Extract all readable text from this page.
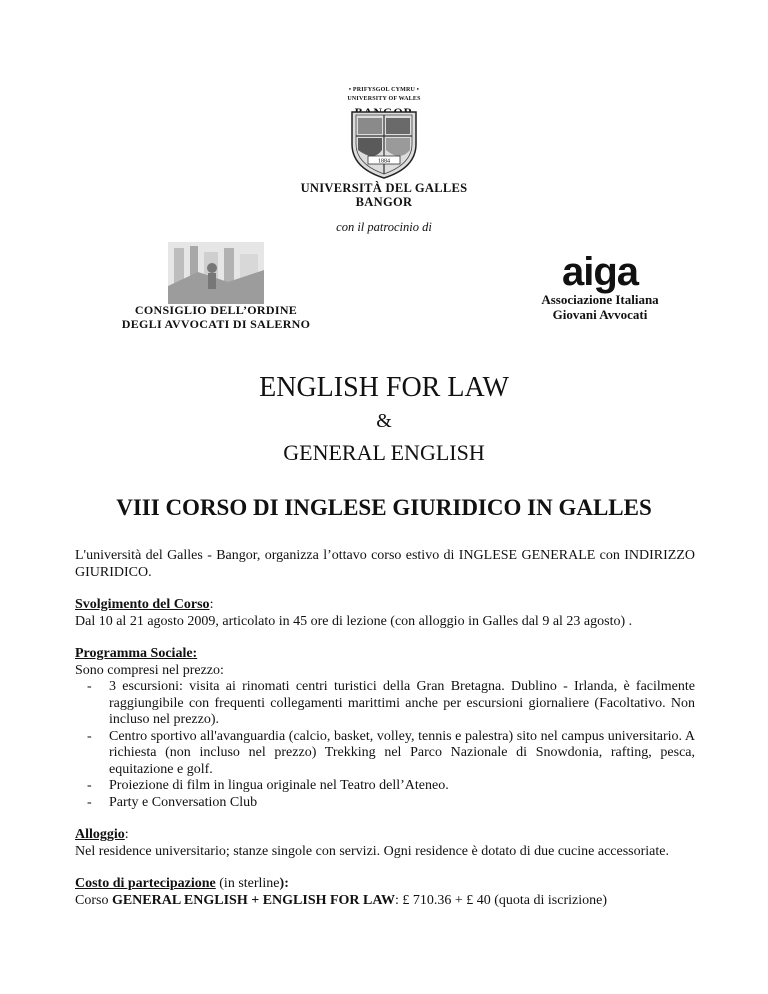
• PRIFYSGOL CYMRU •
UNIVERSITY OF WALES
1884
UNIVERSITÀ DEL GALLES
BANGOR
con il patrocinio di
CONSIGLIO DELL’ORDINE
DEGLI AVVOCATI DI SALERNO
aiga
Associazione Italiana
Giovani Avvocati
ENGLISH FOR LAW
&
GENERAL ENGLISH
VIII CORSO DI INGLESE GIURIDICO IN GALLES

L'università del Galles - Bangor, organizza l’ottavo corso estivo di INGLESE GENERALE con INDIRIZZO GIURIDICO.

Svolgimento del Corso:

Dal 10 al 21 agosto 2009, articolato in 45 ore di lezione (con alloggio in Galles dal 9 al 23 agosto) .

Programma Sociale:

Sono compresi nel prezzo:

- 3 escursioni: visita ai rinomati centri turistici della Gran Bretagna. Dublino - Irlanda, è facilmente raggiungibile con frequenti collegamenti marittimi anche per escursioni giornaliere (Facoltativo. Non incluso nel prezzo).
- Centro sportivo all'avanguardia (calcio, basket, volley, tennis e palestra) sito nel campus universitario. A richiesta (non incluso nel prezzo) Trekking nel Parco Nazionale di Snowdonia, rafting, pesca, equitazione e golf.
- Proiezione di film in lingua originale nel Teatro dell’Ateneo.
- Party e Conversation Club

Alloggio:

Nel residence universitario; stanze singole con servizi. Ogni residence è dotato di due cucine accessoriate.

Costo di partecipazione (in sterline):

Corso GENERAL ENGLISH + ENGLISH FOR LAW: £ 710.36 + £ 40 (quota di iscrizione)
